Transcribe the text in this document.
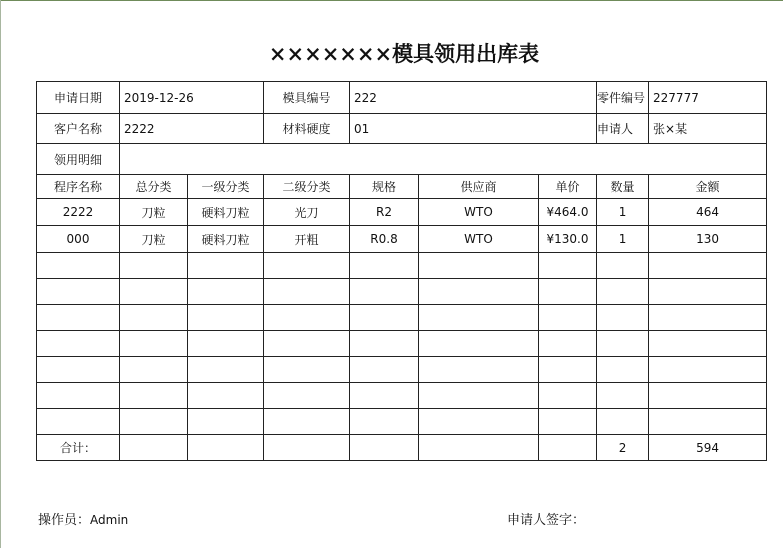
×××××××模具领用出库表
申请日期	2019-12-26		模具编号	222			零件编号	227777
客户名称	2222		材料硬度	01			申请人	张×某
领用明细								
程序名称	总分类	一级分类	二级分类	规格	供应商	单价	数量	金额
2222	刀粒	硬料刀粒	光刀	R2	WTO	¥464.0	1	464
000	刀粒	硬料刀粒	开粗	R0.8	WTO	¥130.0	1	130

合计：							2	594
操作员：Admin	申请人签字：
